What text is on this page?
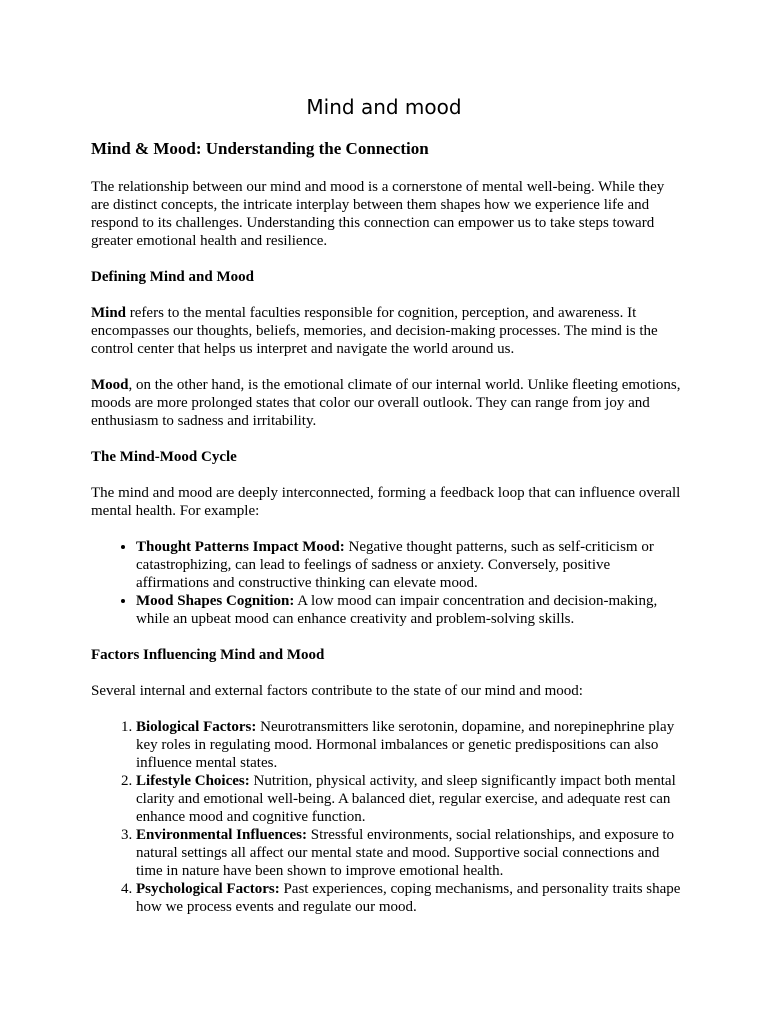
Mind and mood
Mind & Mood: Understanding the Connection

The relationship between our mind and mood is a cornerstone of mental well-being. While they are distinct concepts, the intricate interplay between them shapes how we experience life and respond to its challenges. Understanding this connection can empower us to take steps toward greater emotional health and resilience.

Defining Mind and Mood

Mind refers to the mental faculties responsible for cognition, perception, and awareness. It encompasses our thoughts, beliefs, memories, and decision-making processes. The mind is the control center that helps us interpret and navigate the world around us.

Mood, on the other hand, is the emotional climate of our internal world. Unlike fleeting emotions, moods are more prolonged states that color our overall outlook. They can range from joy and enthusiasm to sadness and irritability.

The Mind-Mood Cycle

The mind and mood are deeply interconnected, forming a feedback loop that can influence overall mental health. For example:

• Thought Patterns Impact Mood: Negative thought patterns, such as self-criticism or catastrophizing, can lead to feelings of sadness or anxiety. Conversely, positive affirmations and constructive thinking can elevate mood.
• Mood Shapes Cognition: A low mood can impair concentration and decision-making, while an upbeat mood can enhance creativity and problem-solving skills.
Factors Influencing Mind and Mood

Several internal and external factors contribute to the state of our mind and mood:

1. Biological Factors: Neurotransmitters like serotonin, dopamine, and norepinephrine play key roles in regulating mood. Hormonal imbalances or genetic predispositions can also influence mental states.
2. Lifestyle Choices: Nutrition, physical activity, and sleep significantly impact both mental clarity and emotional well-being. A balanced diet, regular exercise, and adequate rest can enhance mood and cognitive function.
3. Environmental Influences: Stressful environments, social relationships, and exposure to natural settings all affect our mental state and mood. Supportive social connections and time in nature have been shown to improve emotional health.
4. Psychological Factors: Past experiences, coping mechanisms, and personality traits shape how we process events and regulate our mood.
